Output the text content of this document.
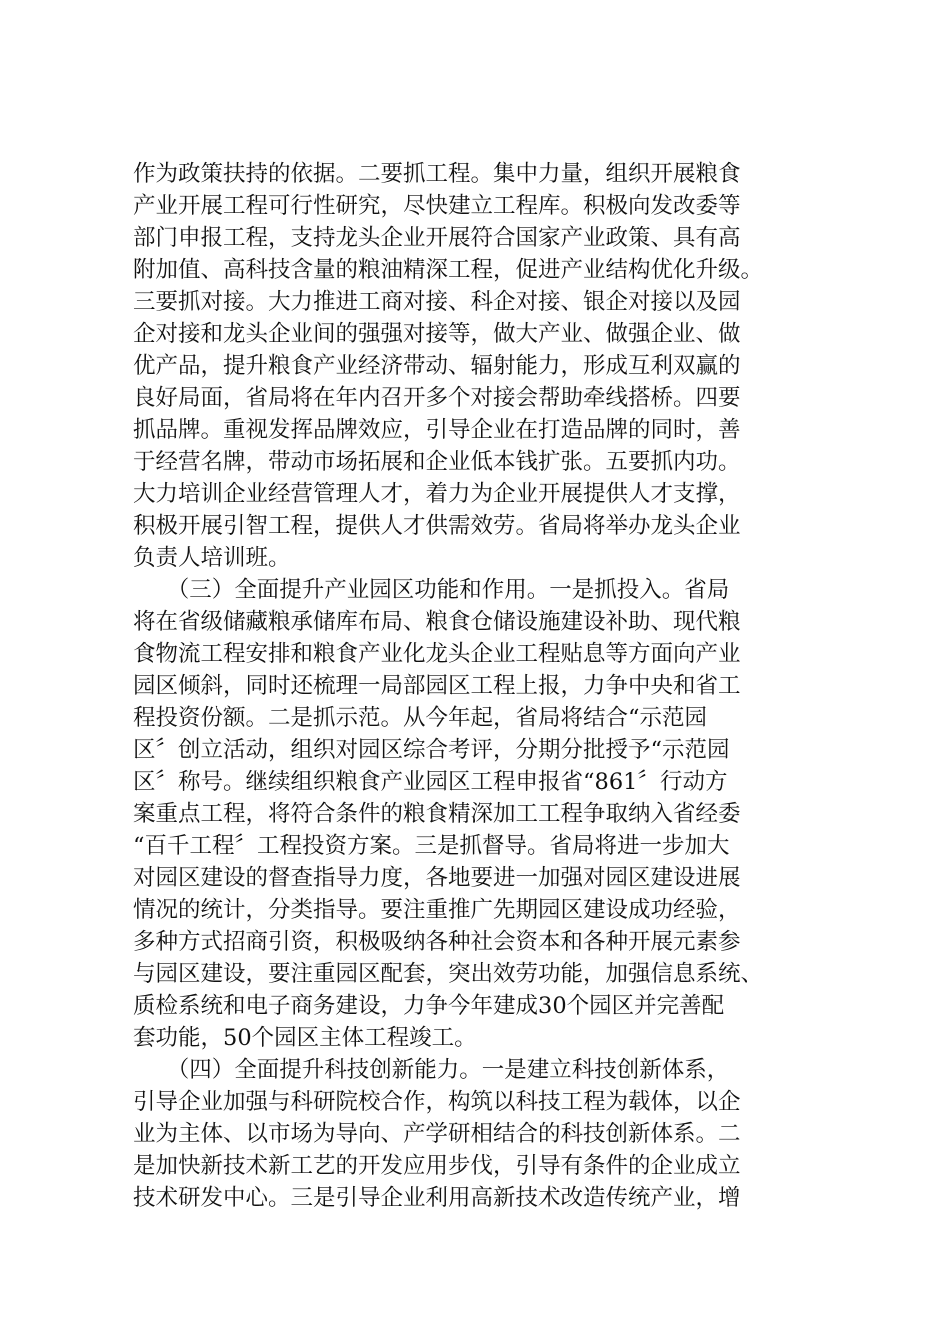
作为政策扶持的依据。二要抓工程。集中力量，组织开展粮食
产业开展工程可行性研究，尽快建立工程库。积极向发改委等
部门申报工程，支持龙头企业开展符合国家产业政策、具有高
附加值、高科技含量的粮油精深工程，促进产业结构优化升级。
三要抓对接。大力推进工商对接、科企对接、银企对接以及园
企对接和龙头企业间的强强对接等，做大产业、做强企业、做
优产品，提升粮食产业经济带动、辐射能力，形成互利双赢的
良好局面，省局将在年内召开多个对接会帮助牵线搭桥。四要
抓品牌。重视发挥品牌效应，引导企业在打造品牌的同时，善
于经营名牌，带动市场拓展和企业低本钱扩张。五要抓内功。
大力培训企业经营管理人才，着力为企业开展提供人才支撑，
积极开展引智工程，提供人才供需效劳。省局将举办龙头企业
负责人培训班。
　　（三）全面提升产业园区功能和作用。一是抓投入。省局
将在省级储藏粮承储库布局、粮食仓储设施建设补助、现代粮
食物流工程安排和粮食产业化龙头企业工程贴息等方面向产业
园区倾斜，同时还梳理一局部园区工程上报，力争中央和省工
程投资份额。二是抓示范。从今年起，省局将结合“示范园
区〞创立活动，组织对园区综合考评，分期分批授予“示范园
区〞称号。继续组织粮食产业园区工程申报省“861〞行动方
案重点工程，将符合条件的粮食精深加工工程争取纳入省经委
“百千工程〞工程投资方案。三是抓督导。省局将进一步加大
对园区建设的督查指导力度，各地要进一加强对园区建设进展
情况的统计，分类指导。要注重推广先期园区建设成功经验，
多种方式招商引资，积极吸纳各种社会资本和各种开展元素参
与园区建设，要注重园区配套，突出效劳功能，加强信息系统、
质检系统和电子商务建设，力争今年建成30个园区并完善配
套功能，50个园区主体工程竣工。
　　（四）全面提升科技创新能力。一是建立科技创新体系，
引导企业加强与科研院校合作，构筑以科技工程为载体，以企
业为主体、以市场为导向、产学研相结合的科技创新体系。二
是加快新技术新工艺的开发应用步伐，引导有条件的企业成立
技术研发中心。三是引导企业利用高新技术改造传统产业，增
